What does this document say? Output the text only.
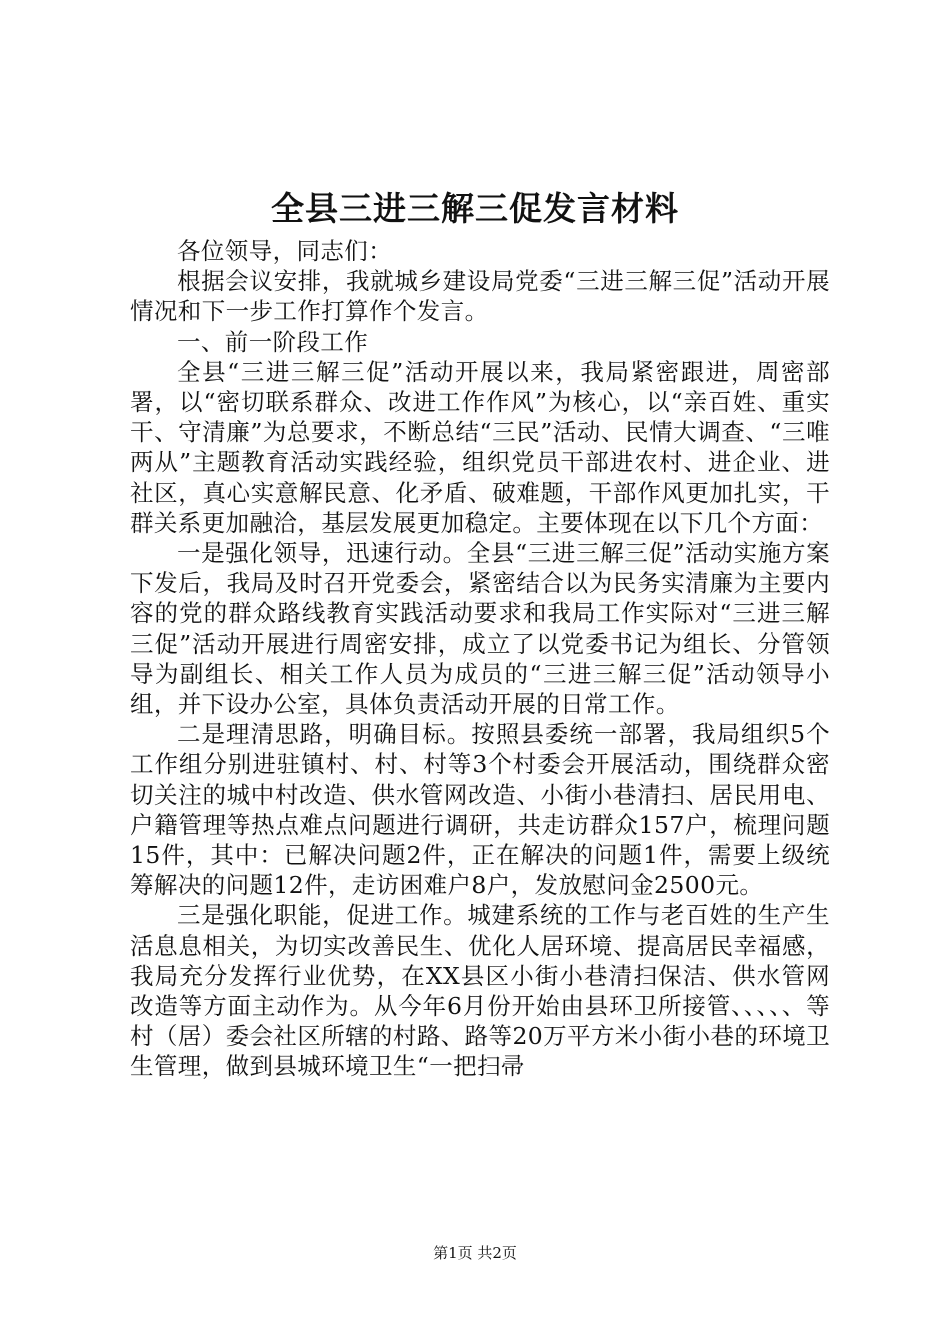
全县三进三解三促发言材料

各位领导，同志们：

根据会议安排，我就城乡建设局党委“三进三解三促”活动开展情况和下一步工作打算作个发言。

一、前一阶段工作

全县“三进三解三促”活动开展以来，我局紧密跟进，周密部署，以“密切联系群众、改进工作作风”为核心，以“亲百姓、重实干、守清廉”为总要求，不断总结“三民”活动、民情大调查、“三唯两从”主题教育活动实践经验，组织党员干部进农村、进企业、进社区，真心实意解民意、化矛盾、破难题，干部作风更加扎实，干群关系更加融洽，基层发展更加稳定。主要体现在以下几个方面：

一是强化领导，迅速行动。全县“三进三解三促”活动实施方案下发后，我局及时召开党委会，紧密结合以为民务实清廉为主要内容的党的群众路线教育实践活动要求和我局工作实际对“三进三解三促”活动开展进行周密安排，成立了以党委书记为组长、分管领导为副组长、相关工作人员为成员的“三进三解三促”活动领导小组，并下设办公室，具体负责活动开展的日常工作。

二是理清思路，明确目标。按照县委统一部署，我局组织5个工作组分别进驻镇村、村、村等3个村委会开展活动，围绕群众密切关注的城中村改造、供水管网改造、小街小巷清扫、居民用电、户籍管理等热点难点问题进行调研，共走访群众157户，梳理问题15件，其中：已解决问题2件，正在解决的问题1件，需要上级统筹解决的问题12件，走访困难户8户，发放慰问金2500元。

三是强化职能，促进工作。城建系统的工作与老百姓的生产生活息息相关，为切实改善民生、优化人居环境、提高居民幸福感，我局充分发挥行业优势，在XX县区小街小巷清扫保洁、供水管网改造等方面主动作为。从今年6月份开始由县环卫所接管、、、、、等村（居）委会社区所辖的村路、路等20万平方米小街小巷的环境卫生管理，做到县城环境卫生“一把扫帚

第1页 共2页
